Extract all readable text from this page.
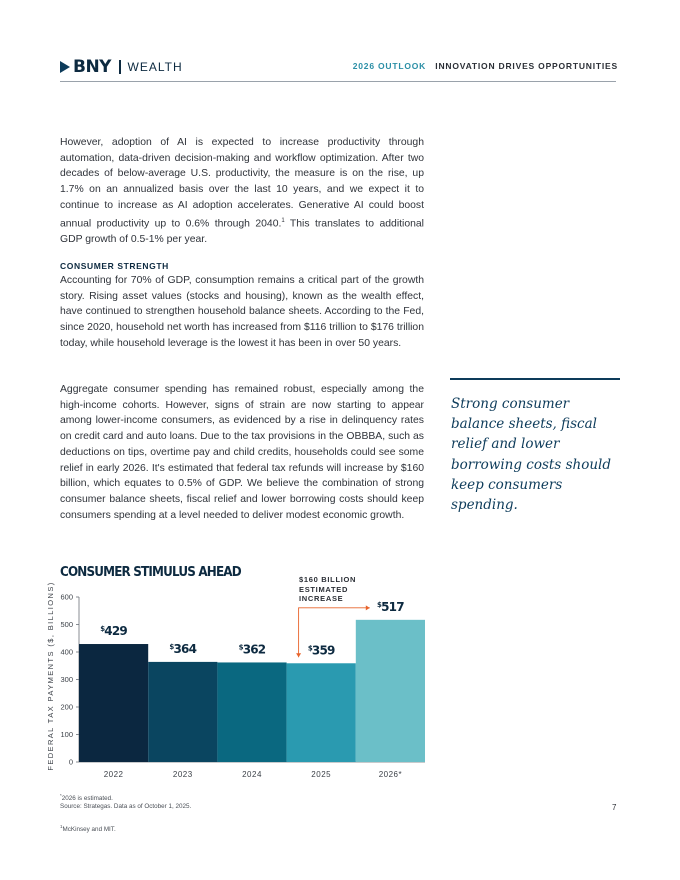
BNY WEALTH	2026 OUTLOOK INNOVATION DRIVES OPPORTUNITIES
However, adoption of AI is expected to increase productivity through automation, data-driven decision-making and workflow optimization. After two decades of below-average U.S. productivity, the measure is on the rise, up 1.7% on an annualized basis over the last 10 years, and we expect it to continue to increase as AI adoption accelerates. Generative AI could boost annual productivity up to 0.6% through 2040.$^1$ This translates to additional GDP growth of 0.5-1% per year.
CONSUMER STRENGTH
Accounting for 70% of GDP, consumption remains a critical part of the growth story. Rising asset values (stocks and housing), known as the wealth effect, have continued to strengthen household balance sheets. According to the Fed, since 2020, household net worth has increased from $116 trillion to $176 trillion today, while household leverage is the lowest it has been in over 50 years.
Aggregate consumer spending has remained robust, especially among the high-income cohorts. However, signs of strain are now starting to appear among lower-income consumers, as evidenced by a rise in delinquency rates on credit card and auto loans. Due to the tax provisions in the OBBBA, such as deductions on tips, overtime pay and child credits, households could see some relief in early 2026. It's estimated that federal tax refunds will increase by $160 billion, which equates to 0.5% of GDP. We believe the combination of strong consumer balance sheets, fiscal relief and lower borrowing costs should keep consumers spending at a level needed to deliver modest economic growth.
Strong consumer balance sheets, fiscal relief and lower borrowing costs should keep consumers spending.
CONSUMER STIMULUS AHEAD	$160 BILLION ESTIMATED INCREASE
FEDERAL TAX PAYMENTS ($, BILLIONS) 0
100
200
300
400
500
600
$429
$364	$362	$359
$517
2022	2023	2024	2025	2026*
*2026 is estimated.
Source: Strategas. Data as of October 1, 2025.
$^1$McKinsey and MIT.
7
